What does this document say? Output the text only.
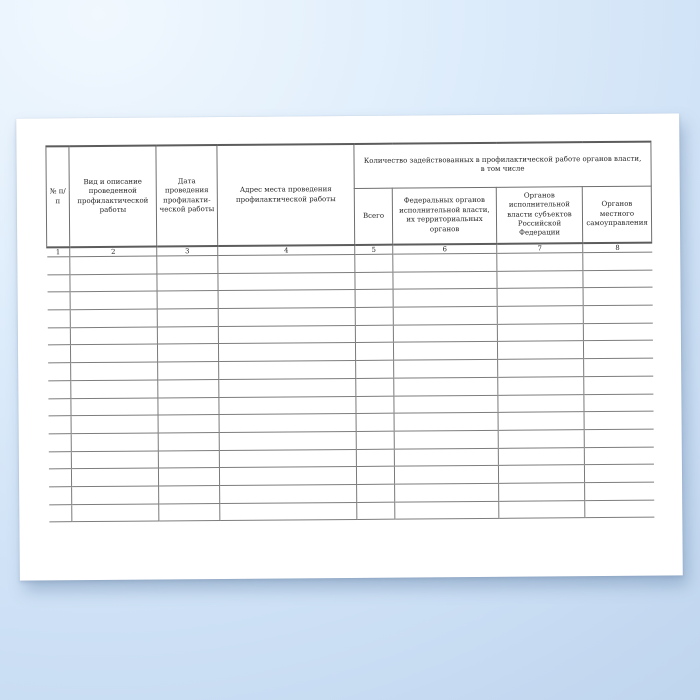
№ п/п	Вид и описание проведенной профилактической работы	Дата проведения профилакти-ческой работы	Адрес места проведения профилактической работы	Количество задействованных в профилактической работе органов власти, в том числе			
				Всего	Федеральных органов исполнительной власти, их территориальных органов	Органов исполнительной власти субъектов Российской Федерации	Органов местного самоуправления
1	2	3	4	5	6	7	8
